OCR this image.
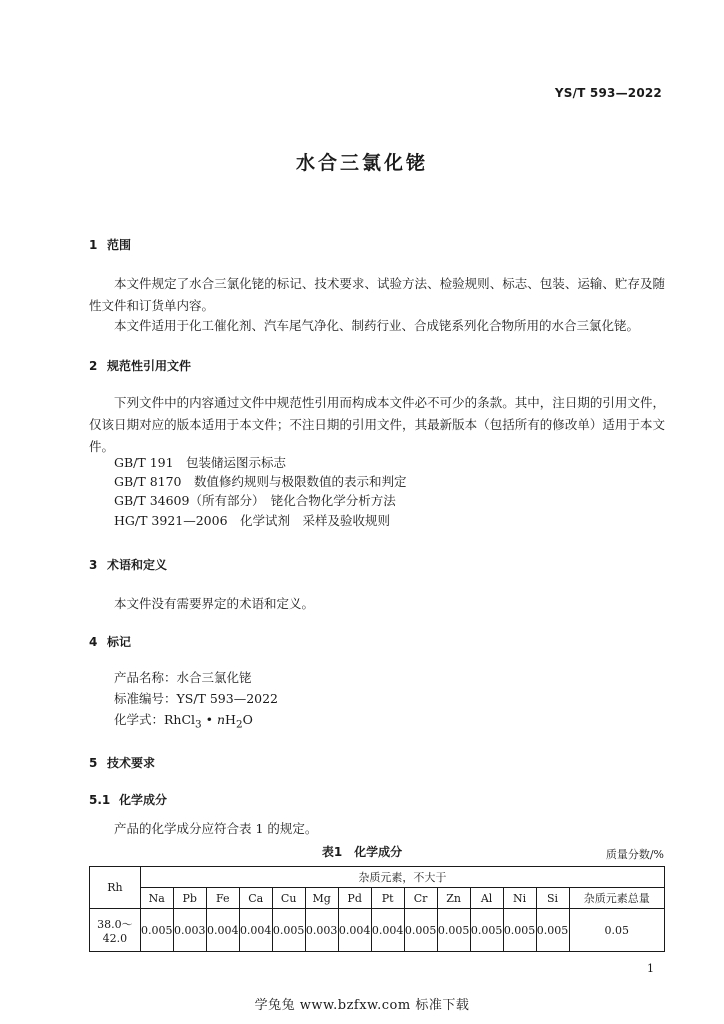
YS/T 593—2022
水合三氯化铑
1 范围
本文件规定了水合三氯化铑的标记、技术要求、试验方法、检验规则、标志、包装、运输、贮存及随性文件和订货单内容。
本文件适用于化工催化剂、汽车尾气净化、制药行业、合成铑系列化合物所用的水合三氯化铑。
2 规范性引用文件
下列文件中的内容通过文件中规范性引用而构成本文件必不可少的条款。其中，注日期的引用文件，仅该日期对应的版本适用于本文件；不注日期的引用文件，其最新版本（包括所有的修改单）适用于本文件。
GB/T 191　包装储运图示标志
GB/T 8170　数值修约规则与极限数值的表示和判定
GB/T 34609（所有部分）　铑化合物化学分析方法
HG/T 3921—2006　化学试剂　采样及验收规则
3 术语和定义
本文件没有需要界定的术语和定义。
4 标记
产品名称：水合三氯化铑
标准编号：YS/T 593—2022
化学式：RhCl$_3$ • $nH_2O$
5 技术要求
5.1 化学成分
产品的化学成分应符合表 1 的规定。
表1　化学成分	质量分数/%
Rh	杂质元素，不大于													
	Na	Pb	Fe	Ca	Cu	Mg	Pd	Pt	Cr	Zn	Al	Ni	Si	杂质元素总量
38.0～
42.0	0.005	0.003	0.004	0.004	0.005	0.003	0.004	0.004	0.005	0.005	0.005	0.005	0.005	0.05
1
学兔兔 www.bzfxw.com 标准下载
